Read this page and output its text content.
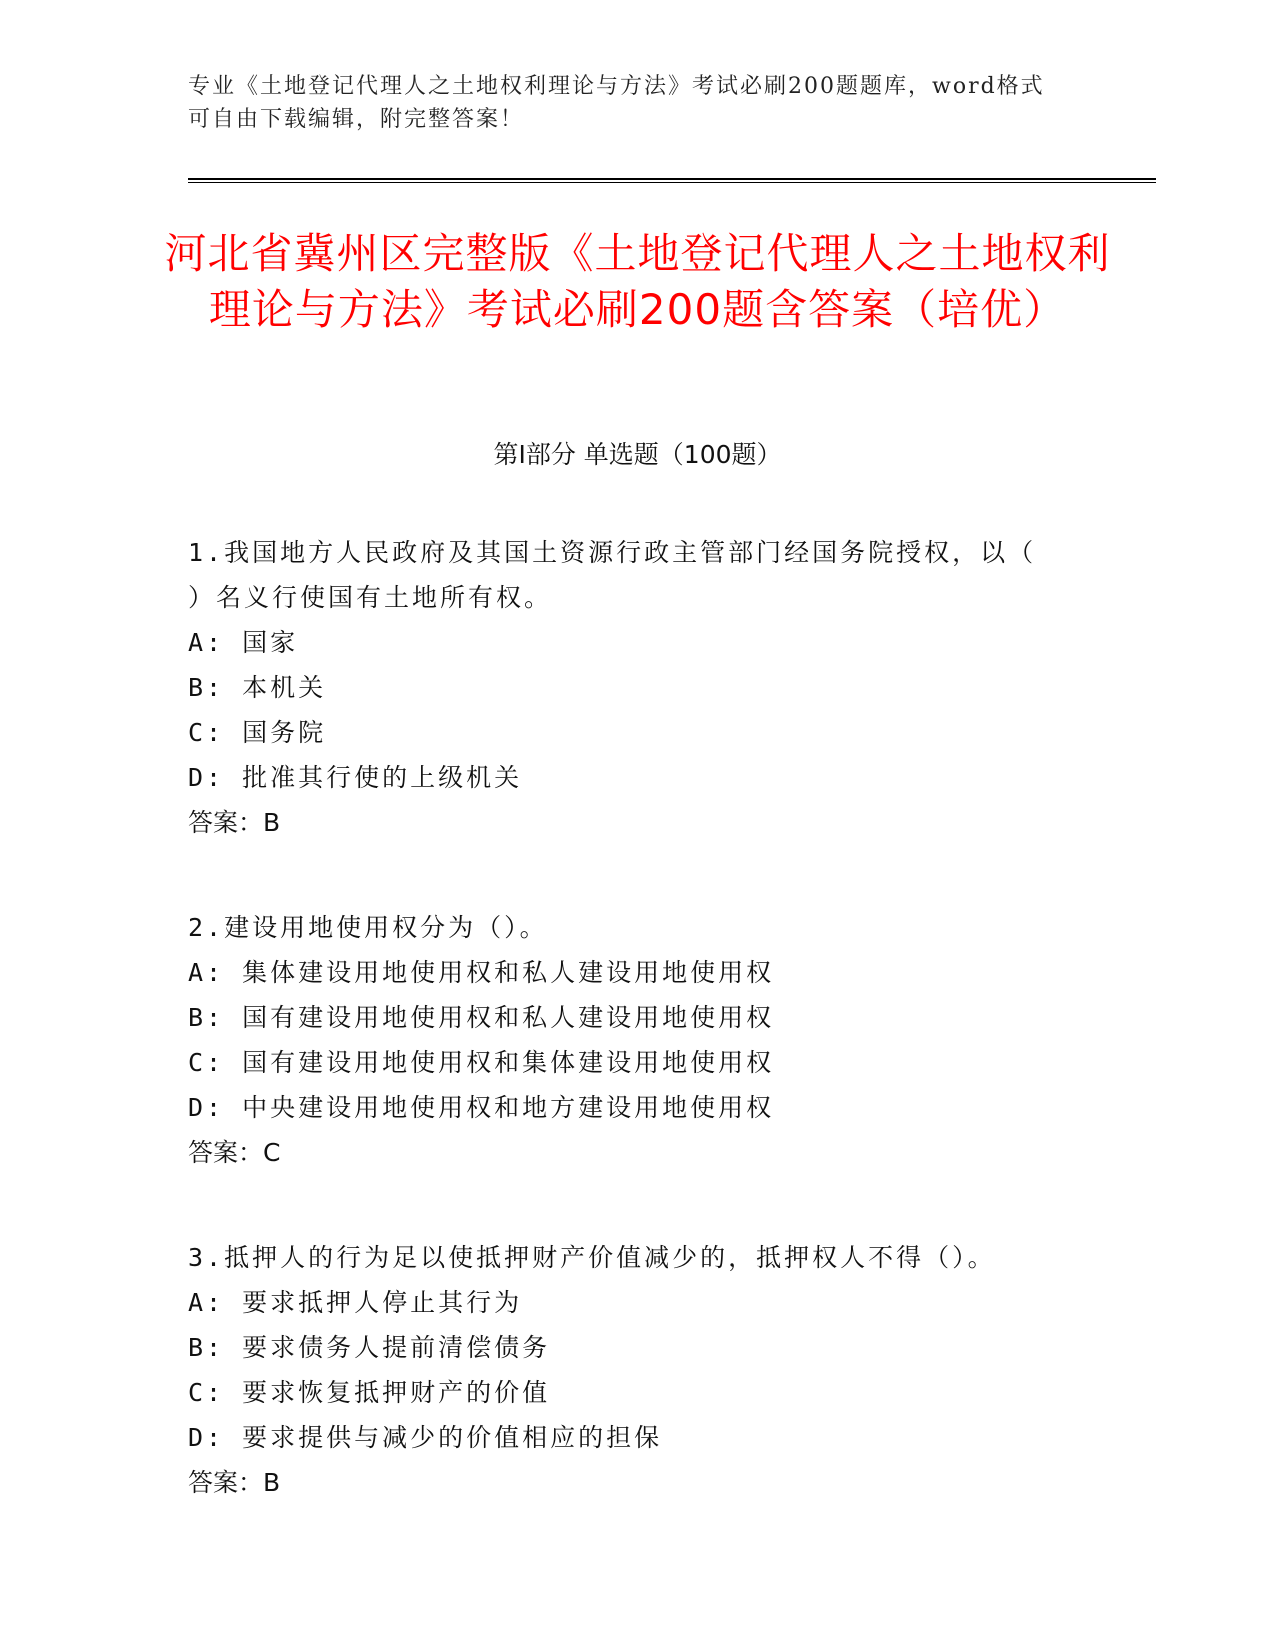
专业《土地登记代理人之土地权利理论与方法》考试必刷200题题库，word格式可自由下载编辑，附完整答案！
河北省冀州区完整版《土地登记代理人之土地权利理论与方法》考试必刷200题含答案（培优）
第I部分 单选题（100题）

1.我国地方人民政府及其国土资源行政主管部门经国务院授权，以（ ）名义行使国有土地所有权。

A: 国家

B: 本机关

C: 国务院

D: 批准其行使的上级机关

答案：B

2.建设用地使用权分为（）。

A: 集体建设用地使用权和私人建设用地使用权

B: 国有建设用地使用权和私人建设用地使用权

C: 国有建设用地使用权和集体建设用地使用权

D: 中央建设用地使用权和地方建设用地使用权

答案：C

3.抵押人的行为足以使抵押财产价值减少的，抵押权人不得（）。

A: 要求抵押人停止其行为

B: 要求债务人提前清偿债务

C: 要求恢复抵押财产的价值

D: 要求提供与减少的价值相应的担保

答案：B
